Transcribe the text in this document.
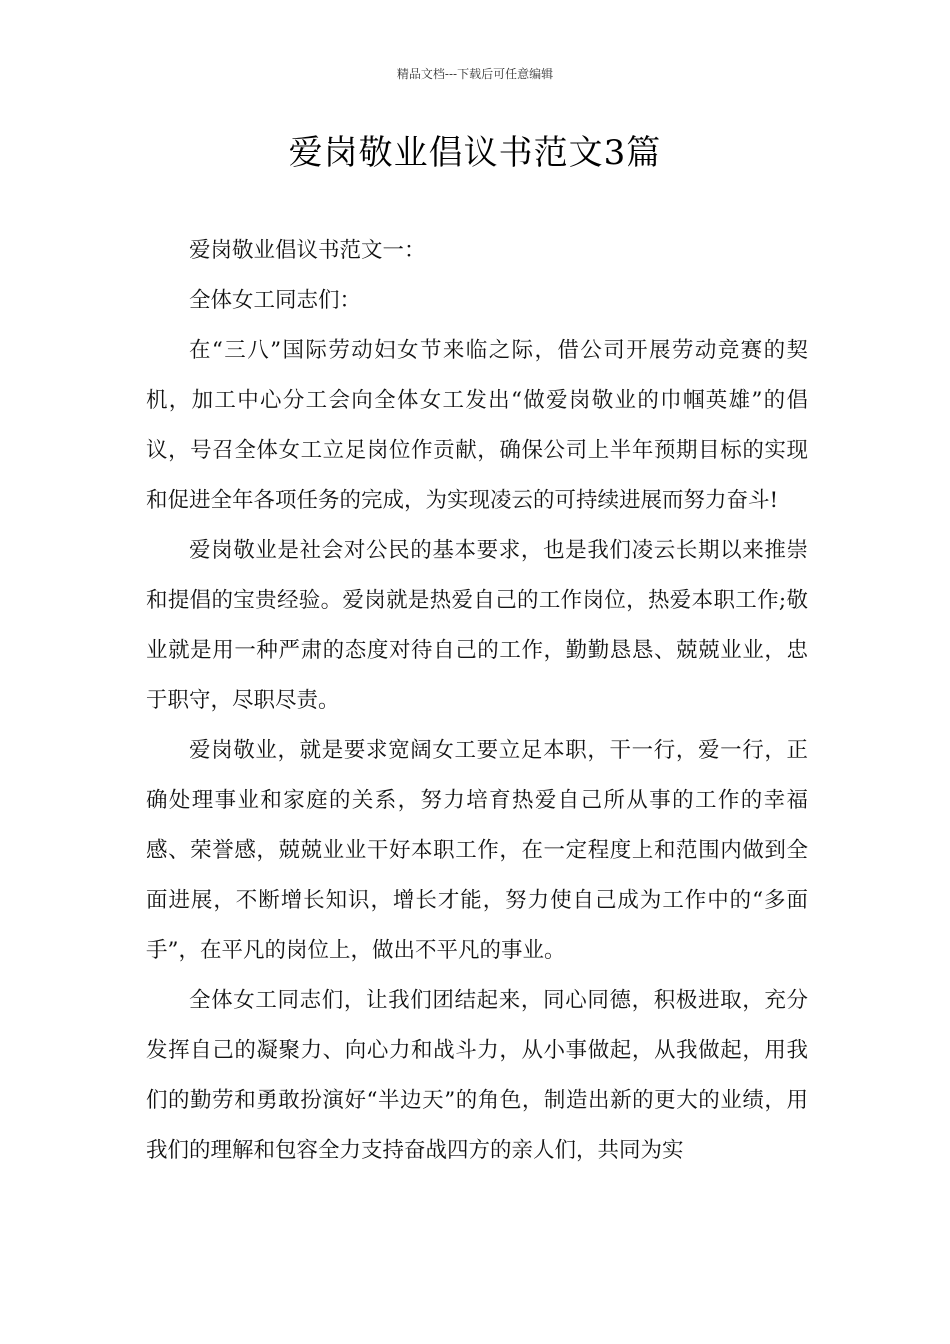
精品文档---下载后可任意编辑
爱岗敬业倡议书范文3篇

爱岗敬业倡议书范文一：

全体女工同志们：

在“三八”国际劳动妇女节来临之际，借公司开展劳动竞赛的契机，加工中心分工会向全体女工发出“做爱岗敬业的巾帼英雄”的倡议，号召全体女工立足岗位作贡献，确保公司上半年预期目标的实现和促进全年各项任务的完成，为实现凌云的可持续进展而努力奋斗!

爱岗敬业是社会对公民的基本要求，也是我们凌云长期以来推崇和提倡的宝贵经验。爱岗就是热爱自己的工作岗位，热爱本职工作;敬业就是用一种严肃的态度对待自己的工作，勤勤恳恳、兢兢业业，忠于职守，尽职尽责。

爱岗敬业，就是要求宽阔女工要立足本职，干一行，爱一行，正确处理事业和家庭的关系，努力培育热爱自己所从事的工作的幸福感、荣誉感，兢兢业业干好本职工作，在一定程度上和范围内做到全面进展，不断增长知识，增长才能，努力使自己成为工作中的“多面手”，在平凡的岗位上，做出不平凡的事业。

全体女工同志们，让我们团结起来，同心同德，积极进取，充分发挥自己的凝聚力、向心力和战斗力，从小事做起，从我做起，用我们的勤劳和勇敢扮演好“半边天”的角色，制造出新的更大的业绩，用我们的理解和包容全力支持奋战四方的亲人们，共同为实
